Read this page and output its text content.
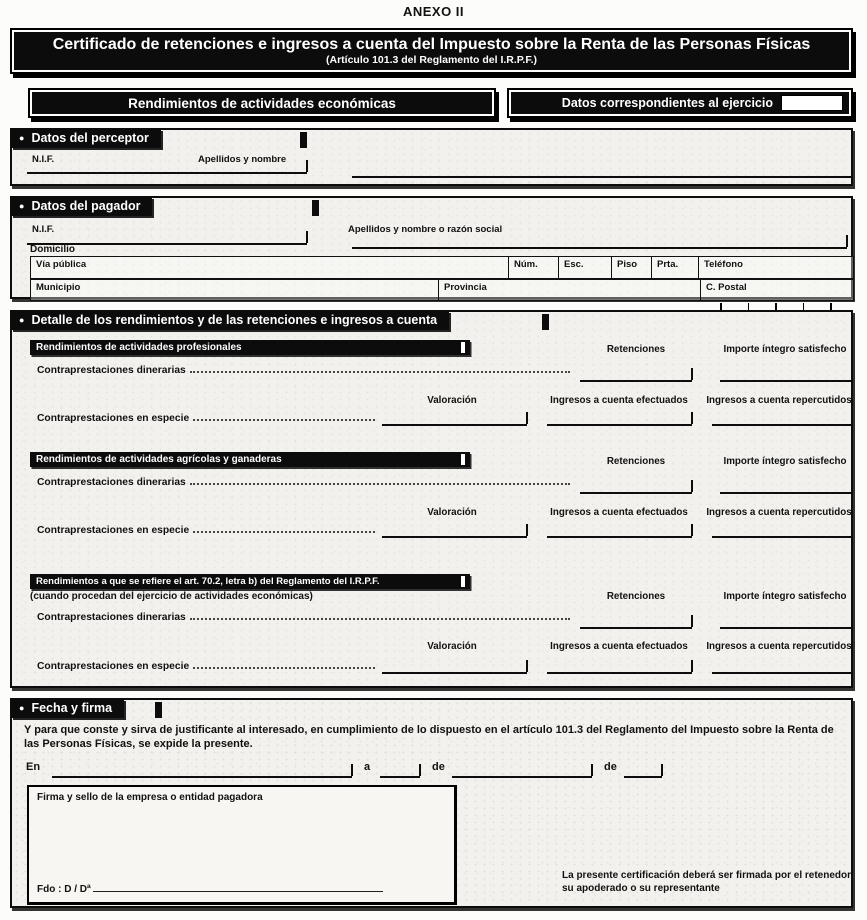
ANEXO II
Certificado de retenciones e ingresos a cuenta del Impuesto sobre la Renta de las Personas Físicas
(Artículo 101.3 del Reglamento del I.R.P.F.)
Rendimientos de actividades económicas	Datos correspondientes al ejercicio
● Datos del perceptor
N.I.F.	Apellidos y nombre
● Datos del pagador
N.I.F.	Apellidos y nombre o razón social
Domicilio
Vía pública	Núm.	Esc.	Piso	Prta.	Teléfono
Municipio	Provincia	C. Postal
● Detalle de los rendimientos y de las retenciones e ingresos a cuenta
Rendimientos de actividades profesionales	Retenciones	Importe íntegro satisfecho
Contraprestaciones dinerarias
Valoración	Ingresos a cuenta efectuados	Ingresos a cuenta repercutidos
Contraprestaciones en especie
Rendimientos de actividades agrícolas y ganaderas	Retenciones	Importe íntegro satisfecho
Contraprestaciones dinerarias
Valoración	Ingresos a cuenta efectuados	Ingresos a cuenta repercutidos
Contraprestaciones en especie
Rendimientos a que se refiere el art. 70.2, letra b) del Reglamento del I.R.P.F.
(cuando procedan del ejercicio de actividades económicas)	Retenciones	Importe íntegro satisfecho
Contraprestaciones dinerarias
Valoración	Ingresos a cuenta efectuados	Ingresos a cuenta repercutidos
Contraprestaciones en especie
● Fecha y firma
Y para que conste y sirva de justificante al interesado, en cumplimiento de lo dispuesto en el artículo 101.3 del Reglamento del Impuesto sobre la Renta de las Personas Físicas, se expide la presente.
En	a	de	de
Firma y sello de la empresa o entidad pagadora
Fdo : D / Dª
La presente certificación deberá ser firmada por el retenedor,
su apoderado o su representante
